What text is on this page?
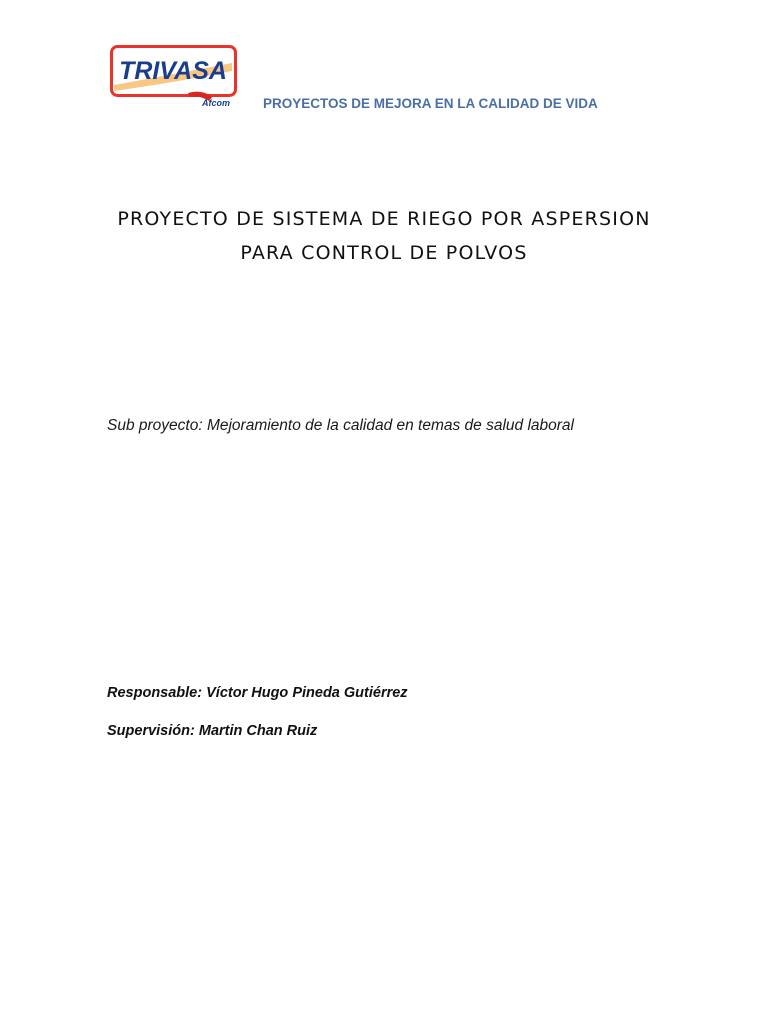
TRIVASA
Afcom PROYECTOS DE MEJORA EN LA CALIDAD DE VIDA
PROYECTO DE SISTEMA DE RIEGO POR ASPERSION
PARA CONTROL DE POLVOS
Sub proyecto: Mejoramiento de la calidad en temas de salud laboral
Responsable: Víctor Hugo Pineda Gutiérrez
Supervisión: Martin Chan Ruiz
